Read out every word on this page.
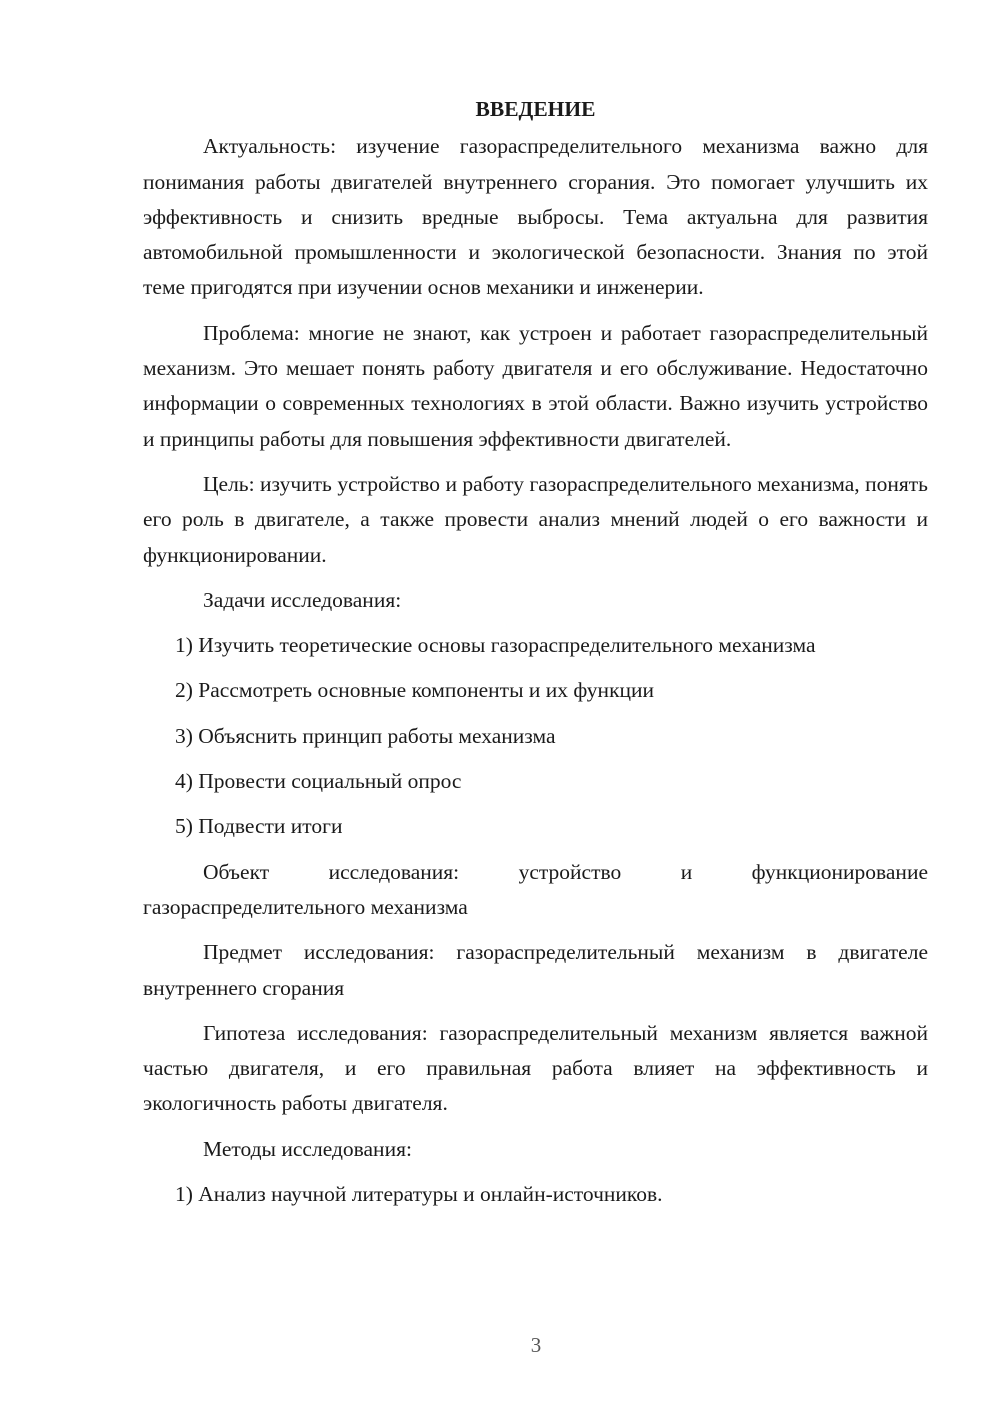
ВВЕДЕНИЕ

Актуальность: изучение газораспределительного механизма важно для понимания работы двигателей внутреннего сгорания. Это помогает улучшить их эффективность и снизить вредные выбросы. Тема актуальна для развития автомобильной промышленности и экологической безопасности. Знания по этой теме пригодятся при изучении основ механики и инженерии.

Проблема: многие не знают, как устроен и работает газораспределительный механизм. Это мешает понять работу двигателя и его обслуживание. Недостаточно информации о современных технологиях в этой области. Важно изучить устройство и принципы работы для повышения эффективности двигателей.

Цель: изучить устройство и работу газораспределительного механизма, понять его роль в двигателе, а также провести анализ мнений людей о его важности и функционировании.

Задачи исследования:

1) Изучить теоретические основы газораспределительного механизма
2) Рассмотреть основные компоненты и их функции
3) Объяснить принцип работы механизма
4) Провести социальный опрос
5) Подвести итоги

Объект исследования: устройство и функционирование газораспределительного механизма

Предмет исследования: газораспределительный механизм в двигателе внутреннего сгорания

Гипотеза исследования: газораспределительный механизм является важной частью двигателя, и его правильная работа влияет на эффективность и экологичность работы двигателя.

Методы исследования:

1) Анализ научной литературы и онлайн-источников.
3
